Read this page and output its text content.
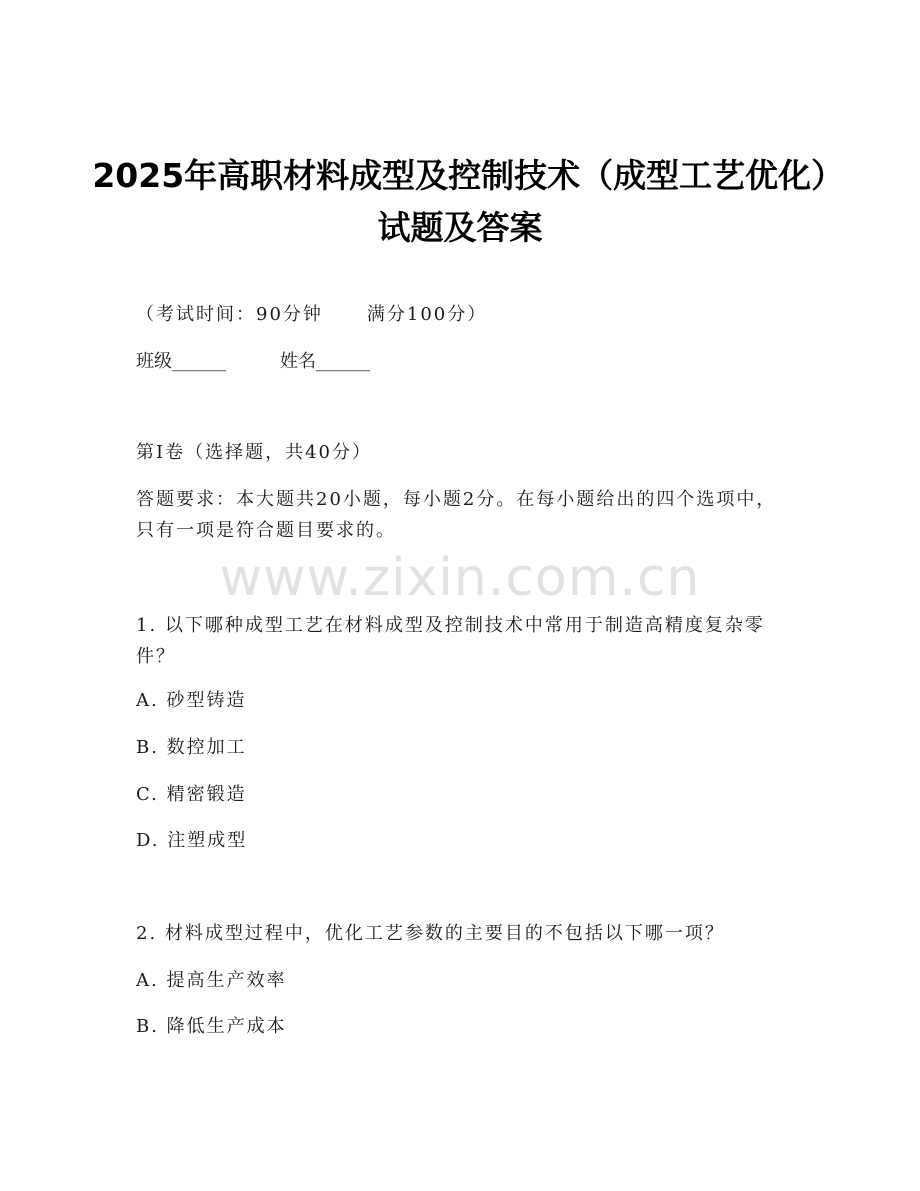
2025年高职材料成型及控制技术（成型工艺优化）试题及答案

（考试时间：90分钟 满分100分）

班级______	姓名______

第I卷（选择题，共40分）

答题要求：本大题共20小题，每小题2分。在每小题给出的四个选项中，只有一项是符合题目要求的。

www.zixin.com.cn

1. 以下哪种成型工艺在材料成型及控制技术中常用于制造高精度复杂零件？

A. 砂型铸造

B. 数控加工

C. 精密锻造

D. 注塑成型

2. 材料成型过程中，优化工艺参数的主要目的不包括以下哪一项？

A. 提高生产效率

B. 降低生产成本
